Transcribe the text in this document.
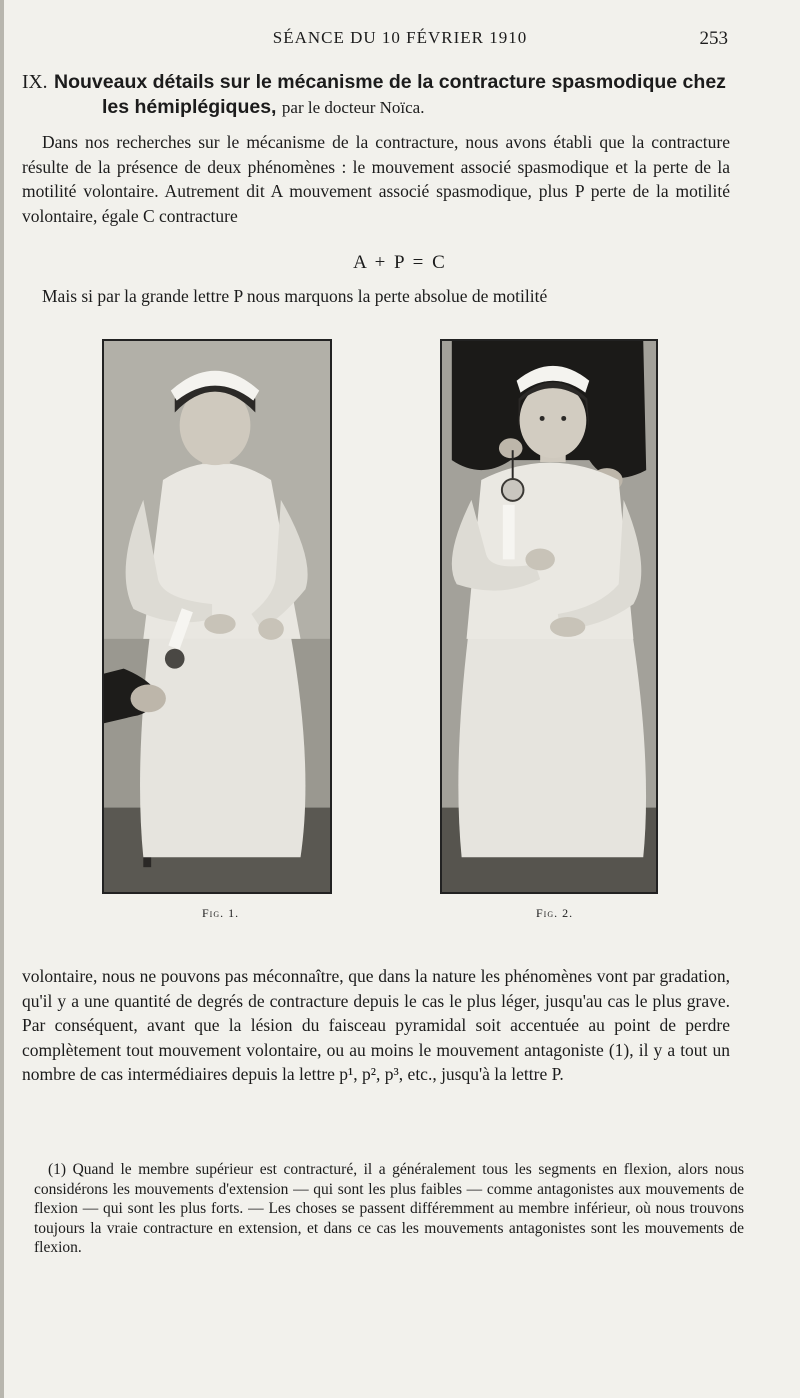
SÉANCE DU 10 FÉVRIER 1910	253
IX. Nouveaux détails sur le mécanisme de la contracture spasmodique chez les hémiplégiques, par le docteur Noïca.

Dans nos recherches sur le mécanisme de la contracture, nous avons établi que la contracture résulte de la présence de deux phénomènes : le mouvement associé spasmodique et la perte de la motilité volontaire. Autrement dit A mouvement associé spasmodique, plus P perte de la motilité volontaire, égale C contracture

A + P = C

Mais si par la grande lettre P nous marquons la perte absolue de motilité

Fig. 1.	Fig. 2.

volontaire, nous ne pouvons pas méconnaître, que dans la nature les phénomènes vont par gradation, qu'il y a une quantité de degrés de contracture depuis le cas le plus léger, jusqu'au cas le plus grave. Par conséquent, avant que la lésion du faisceau pyramidal soit accentuée au point de perdre complètement tout mouvement volontaire, ou au moins le mouvement antagoniste (1), il y a tout un nombre de cas intermédiaires depuis la lettre p¹, p², p³, etc., jusqu'à la lettre P.

(1) Quand le membre supérieur est contracturé, il a généralement tous les segments en flexion, alors nous considérons les mouvements d'extension — qui sont les plus faibles — comme antagonistes aux mouvements de flexion — qui sont les plus forts. — Les choses se passent différemment au membre inférieur, où nous trouvons toujours la vraie contracture en extension, et dans ce cas les mouvements antagonistes sont les mouvements de flexion.
